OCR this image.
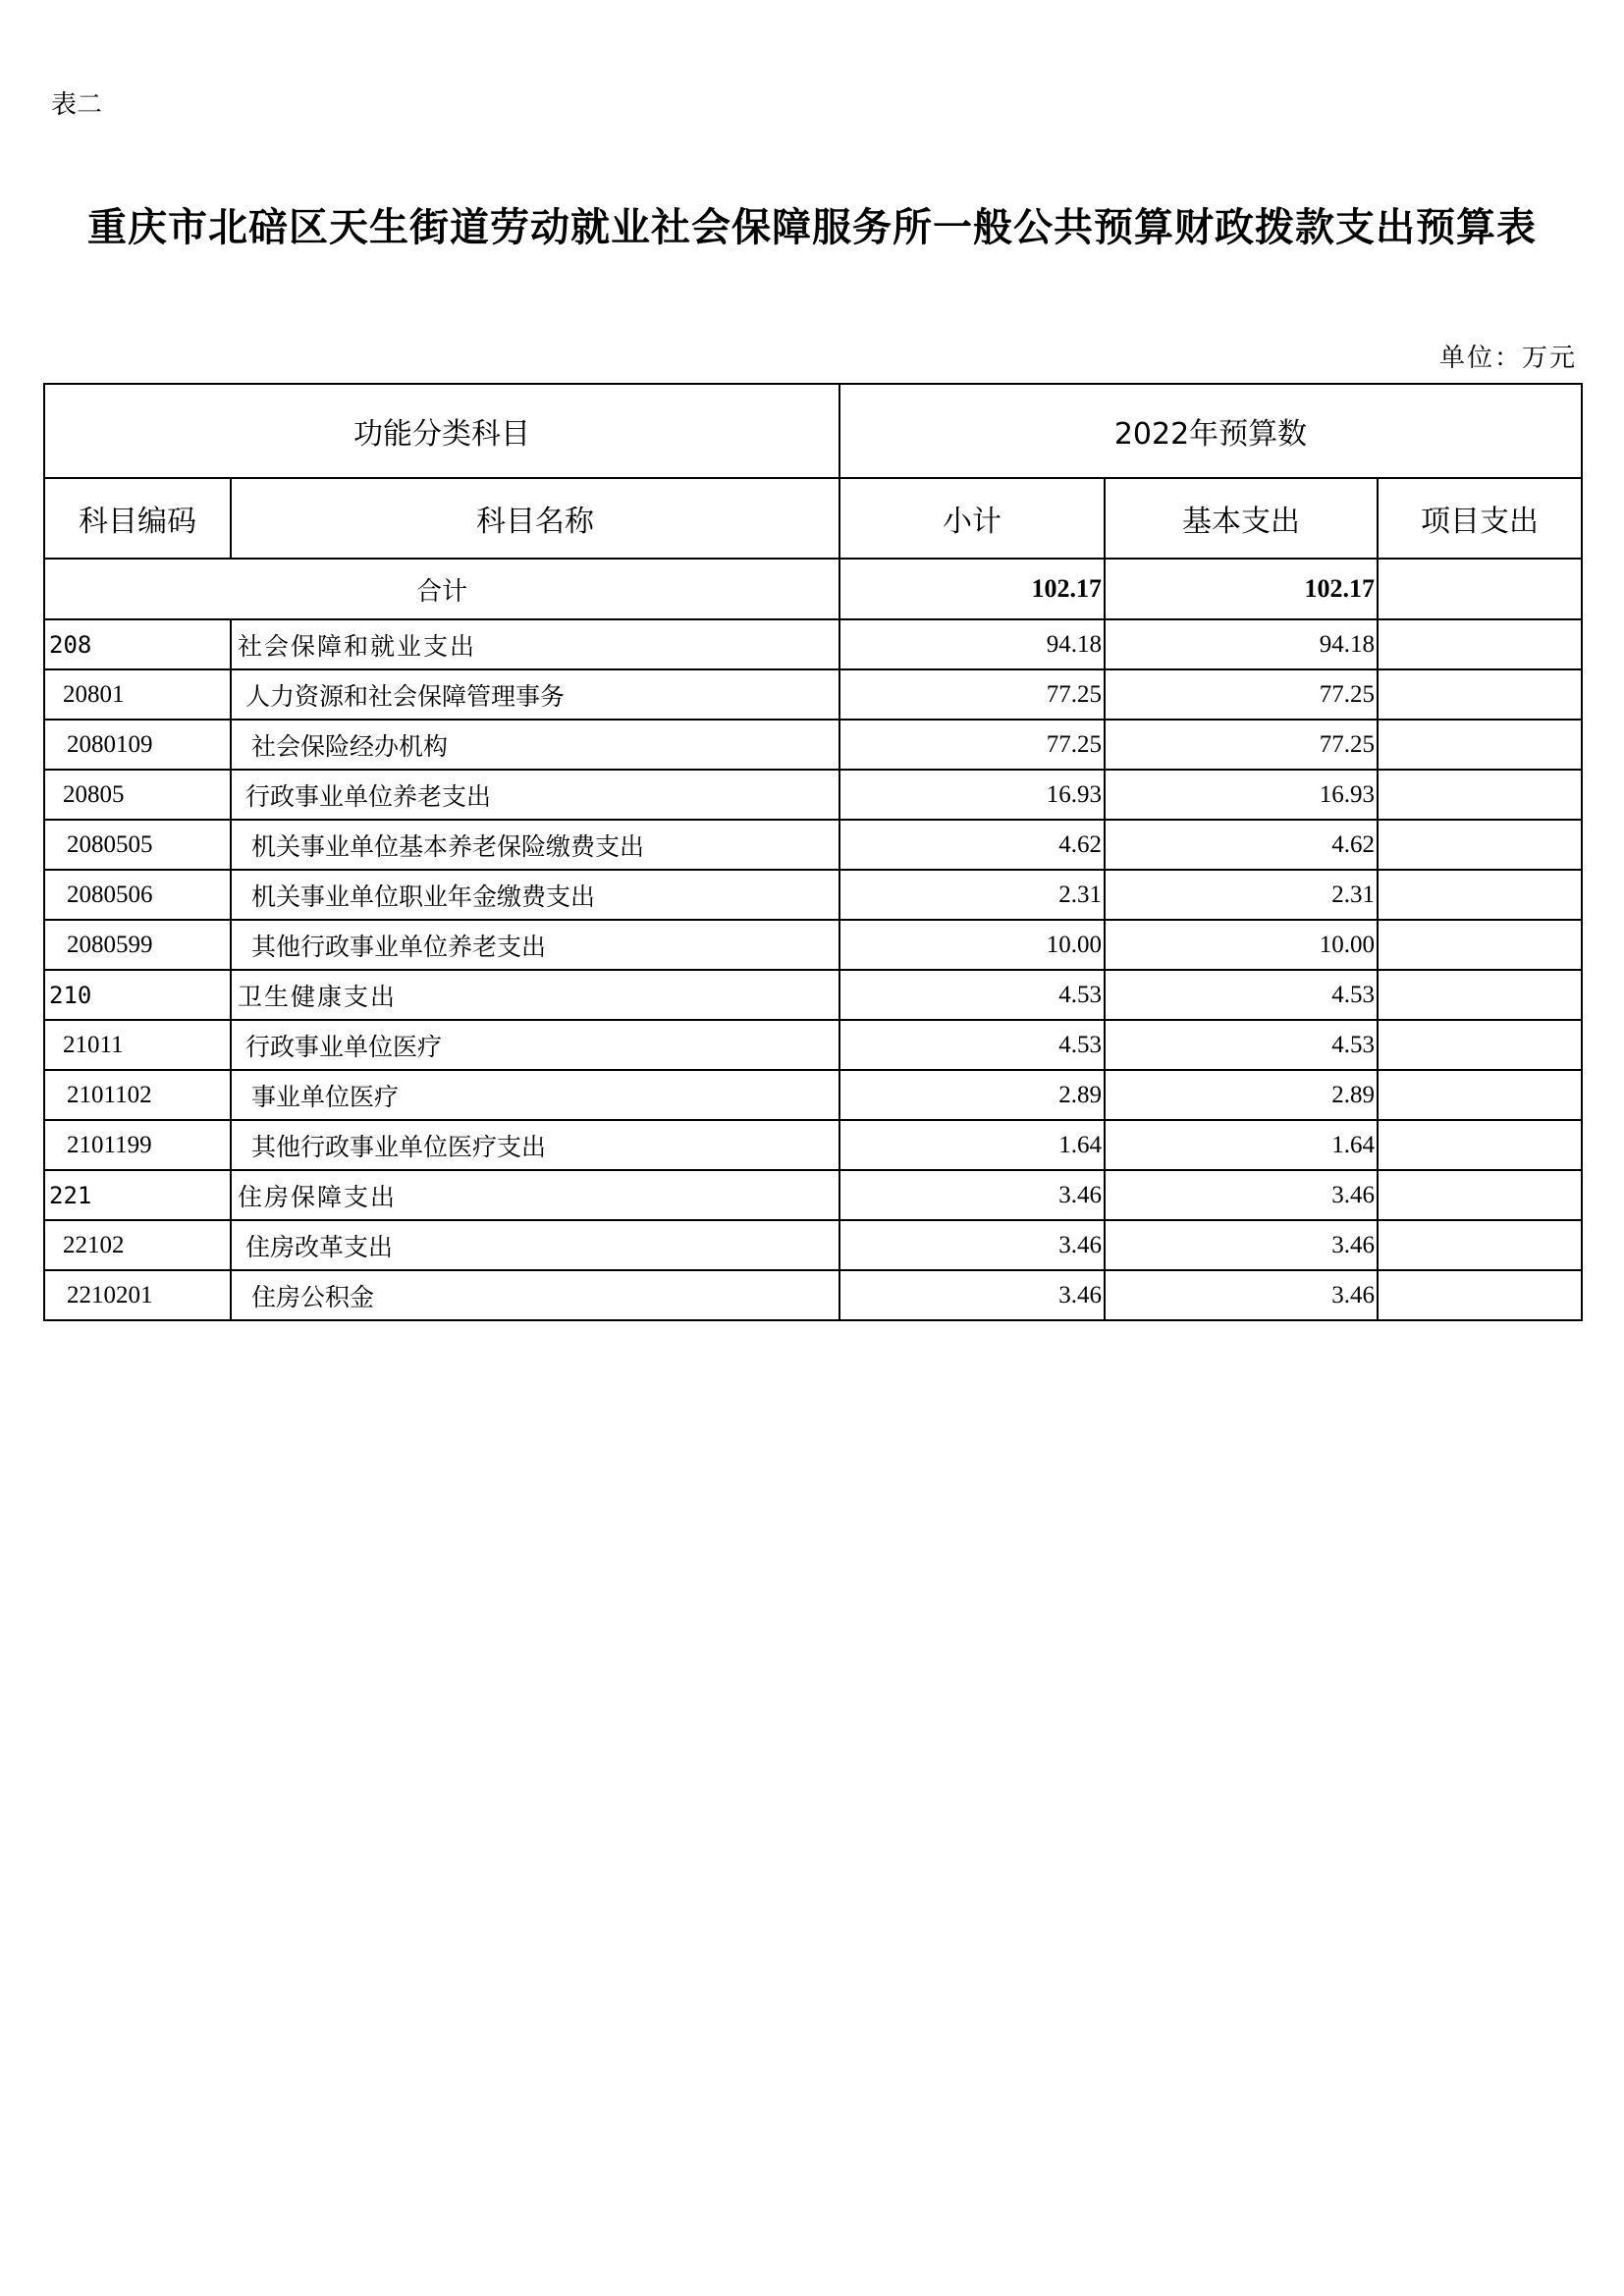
表二
重庆市北碚区天生街道劳动就业社会保障服务所一般公共预算财政拨款支出预算表
单位：万元
功能分类科目		2022年预算数		
科目编码	科目名称	小计	基本支出	项目支出
合计		102.17	102.17	
208	社会保障和就业支出	94.18	94.18	
20801	人力资源和社会保障管理事务	77.25	77.25	
2080109	社会保险经办机构	77.25	77.25	
20805	行政事业单位养老支出	16.93	16.93	
2080505	机关事业单位基本养老保险缴费支出	4.62	4.62	
2080506	机关事业单位职业年金缴费支出	2.31	2.31	
2080599	其他行政事业单位养老支出	10.00	10.00	
210	卫生健康支出	4.53	4.53	
21011	行政事业单位医疗	4.53	4.53	
2101102	事业单位医疗	2.89	2.89	
2101199	其他行政事业单位医疗支出	1.64	1.64	
221	住房保障支出	3.46	3.46	
22102	住房改革支出	3.46	3.46	
2210201	住房公积金	3.46	3.46	
